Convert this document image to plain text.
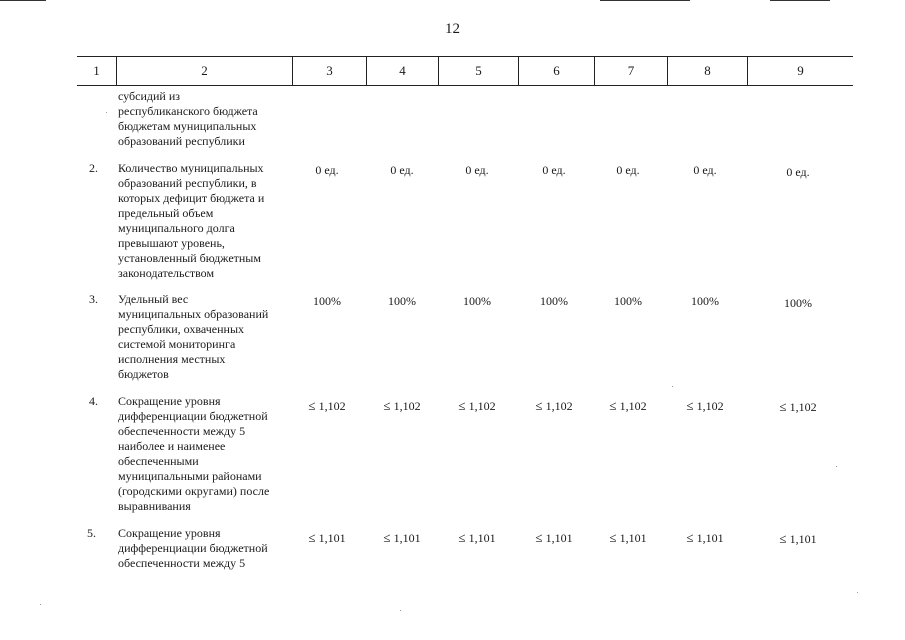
12
1	2	3	4	5	6	7	8	9
субсидий из
республиканского бюджета
бюджетам муниципальных
образований республики
2. Количество муниципальных
образований республики, в
которых дефицит бюджета и
предельный объем
муниципального долга
превышают уровень,
установленный бюджетным
законодательством
0 ед.	0 ед.	0 ед.	0 ед.	0 ед.	0 ед.	0 ед.
3. Удельный вес
муниципальных образований
республики, охваченных
системой мониторинга
исполнения местных
бюджетов
100%	100%	100%	100%	100%	100%	100%
4. Сокращение уровня
дифференциации бюджетной
обеспеченности между 5
наиболее и наименее
обеспеченными
муниципальными районами
(городскими округами) после
выравнивания
≤ 1,102	≤ 1,102	≤ 1,102	≤ 1,102	≤ 1,102	≤ 1,102	≤ 1,102
5. Сокращение уровня
дифференциации бюджетной
обеспеченности между 5
≤ 1,101	≤ 1,101	≤ 1,101	≤ 1,101	≤ 1,101	≤ 1,101	≤ 1,101
